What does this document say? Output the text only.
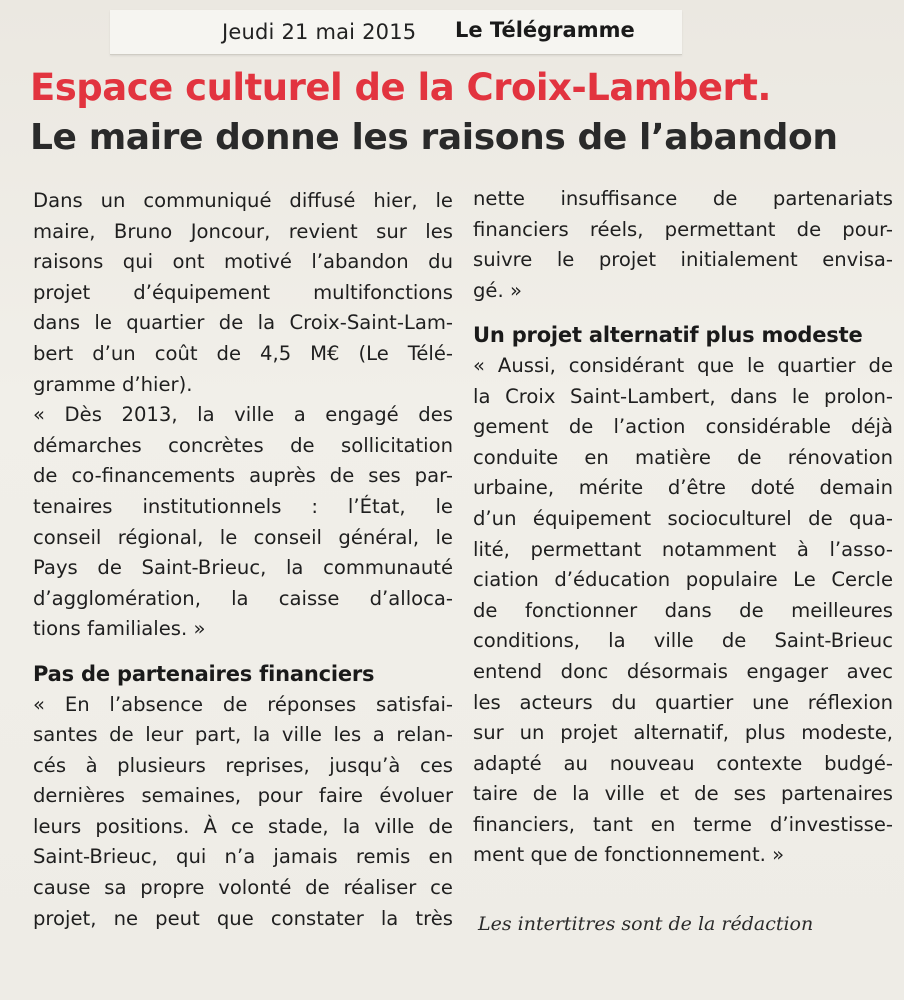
Jeudi 21 mai 2015 Le Télégramme
Espace culturel de la Croix-Lambert.
Le maire donne les raisons de l’abandon
Dans un communiqué diffusé hier, le
maire, Bruno Joncour, revient sur les
raisons qui ont motivé l’abandon du
projet d’équipement multifonctions
dans le quartier de la Croix-Saint-Lam-
bert d’un coût de 4,5 M€ (Le Télé-
gramme d’hier).
« Dès 2013, la ville a engagé des
démarches concrètes de sollicitation
de co-financements auprès de ses par-
tenaires institutionnels : l’État, le
conseil régional, le conseil général, le
Pays de Saint-Brieuc, la communauté
d’agglomération, la caisse d’alloca-
tions familiales. »
Pas de partenaires financiers
« En l’absence de réponses satisfai-
santes de leur part, la ville les a relan-
cés à plusieurs reprises, jusqu’à ces
dernières semaines, pour faire évoluer
leurs positions. À ce stade, la ville de
Saint-Brieuc, qui n’a jamais remis en
cause sa propre volonté de réaliser ce
projet, ne peut que constater la très
nette insuffisance de partenariats
financiers réels, permettant de pour-
suivre le projet initialement envisa-
gé. »
Un projet alternatif plus modeste
« Aussi, considérant que le quartier de
la Croix Saint-Lambert, dans le prolon-
gement de l’action considérable déjà
conduite en matière de rénovation
urbaine, mérite d’être doté demain
d’un équipement socioculturel de qua-
lité, permettant notamment à l’asso-
ciation d’éducation populaire Le Cercle
de fonctionner dans de meilleures
conditions, la ville de Saint-Brieuc
entend donc désormais engager avec
les acteurs du quartier une réflexion
sur un projet alternatif, plus modeste,
adapté au nouveau contexte budgé-
taire de la ville et de ses partenaires
financiers, tant en terme d’investisse-
ment que de fonctionnement. »
Les intertitres sont de la rédaction
